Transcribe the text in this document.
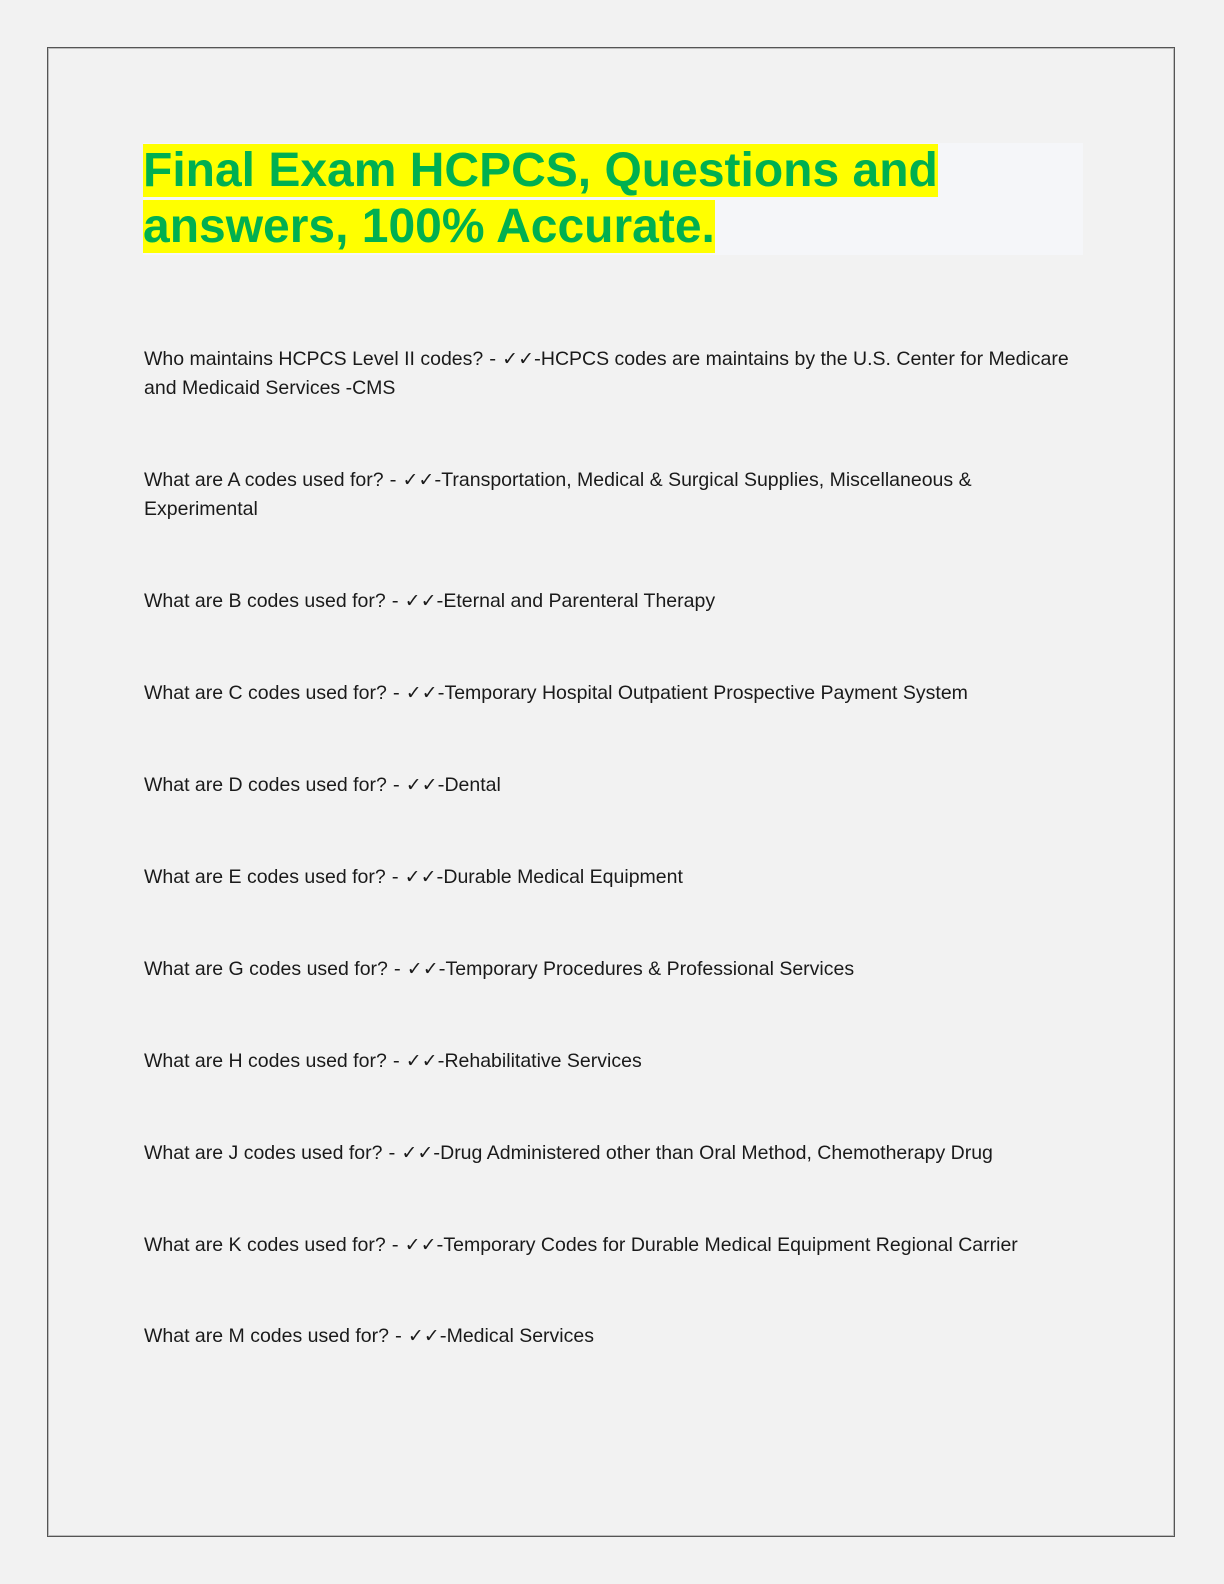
Final Exam HCPCS, Questions and
answers, 100% Accurate.

Who maintains HCPCS Level II codes? - ✓✓-HCPCS codes are maintains by the U.S. Center for Medicare and Medicaid Services -CMS

What are A codes used for? - ✓✓-Transportation, Medical & Surgical Supplies, Miscellaneous & Experimental

What are B codes used for? - ✓✓-Eternal and Parenteral Therapy

What are C codes used for? - ✓✓-Temporary Hospital Outpatient Prospective Payment System

What are D codes used for? - ✓✓-Dental

What are E codes used for? - ✓✓-Durable Medical Equipment

What are G codes used for? - ✓✓-Temporary Procedures & Professional Services

What are H codes used for? - ✓✓-Rehabilitative Services

What are J codes used for? - ✓✓-Drug Administered other than Oral Method, Chemotherapy Drug

What are K codes used for? - ✓✓-Temporary Codes for Durable Medical Equipment Regional Carrier

What are M codes used for? - ✓✓-Medical Services
